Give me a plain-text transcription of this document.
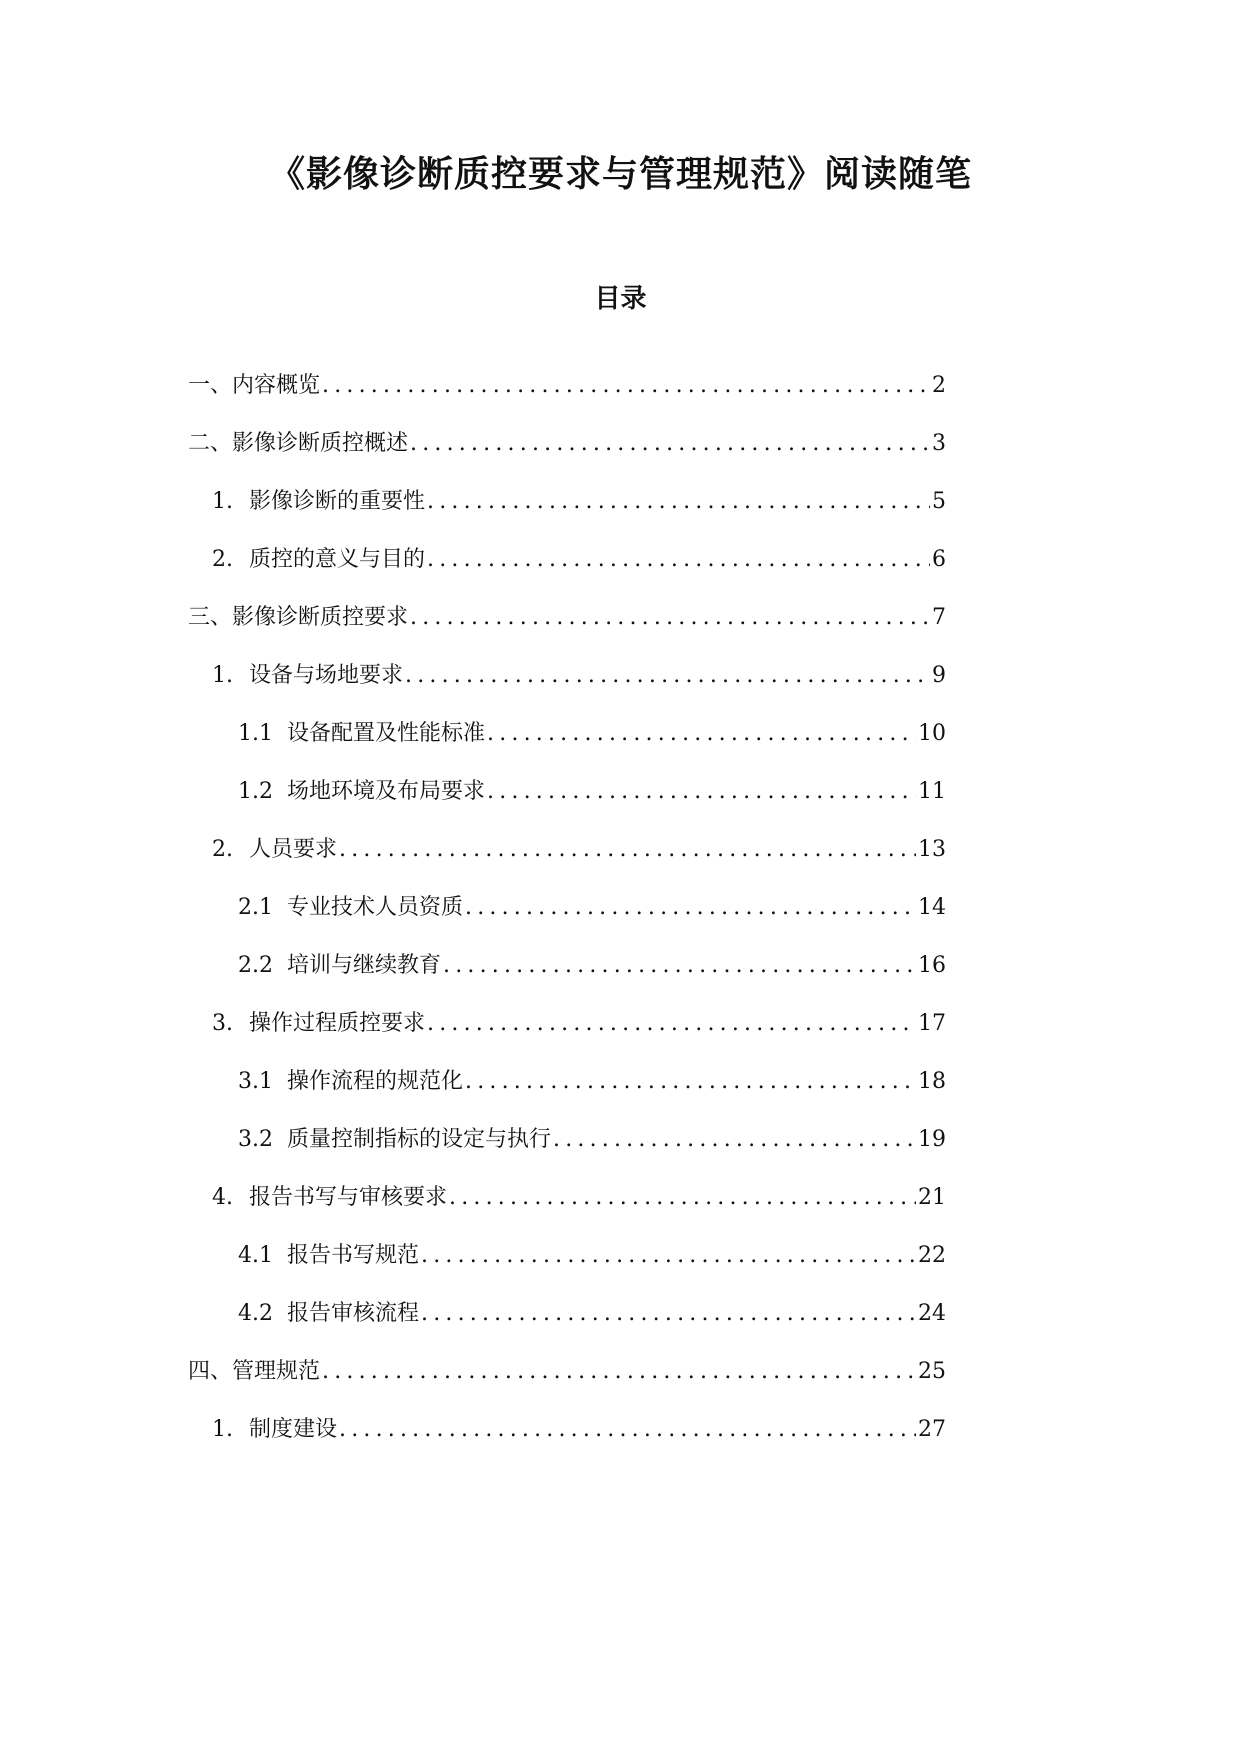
《影像诊断质控要求与管理规范》阅读随笔
目录
一、内容概览 .....	2
二、影像诊断质控概述 .....	3
1. 影像诊断的重要性 .....	5
2. 质控的意义与目的 .....	6
三、影像诊断质控要求 .....	7
1. 设备与场地要求 .....	9
1.1 设备配置及性能标准 .....	10
1.2 场地环境及布局要求 .....	11
2. 人员要求 .....	13
2.1 专业技术人员资质 .....	14
2.2 培训与继续教育 .....	16
3. 操作过程质控要求 .....	17
3.1 操作流程的规范化 .....	18
3.2 质量控制指标的设定与执行 .....	19
4. 报告书写与审核要求 .....	21
4.1 报告书写规范 .....	22
4.2 报告审核流程 .....	24
四、管理规范 .....	25
1. 制度建设 .....	27
